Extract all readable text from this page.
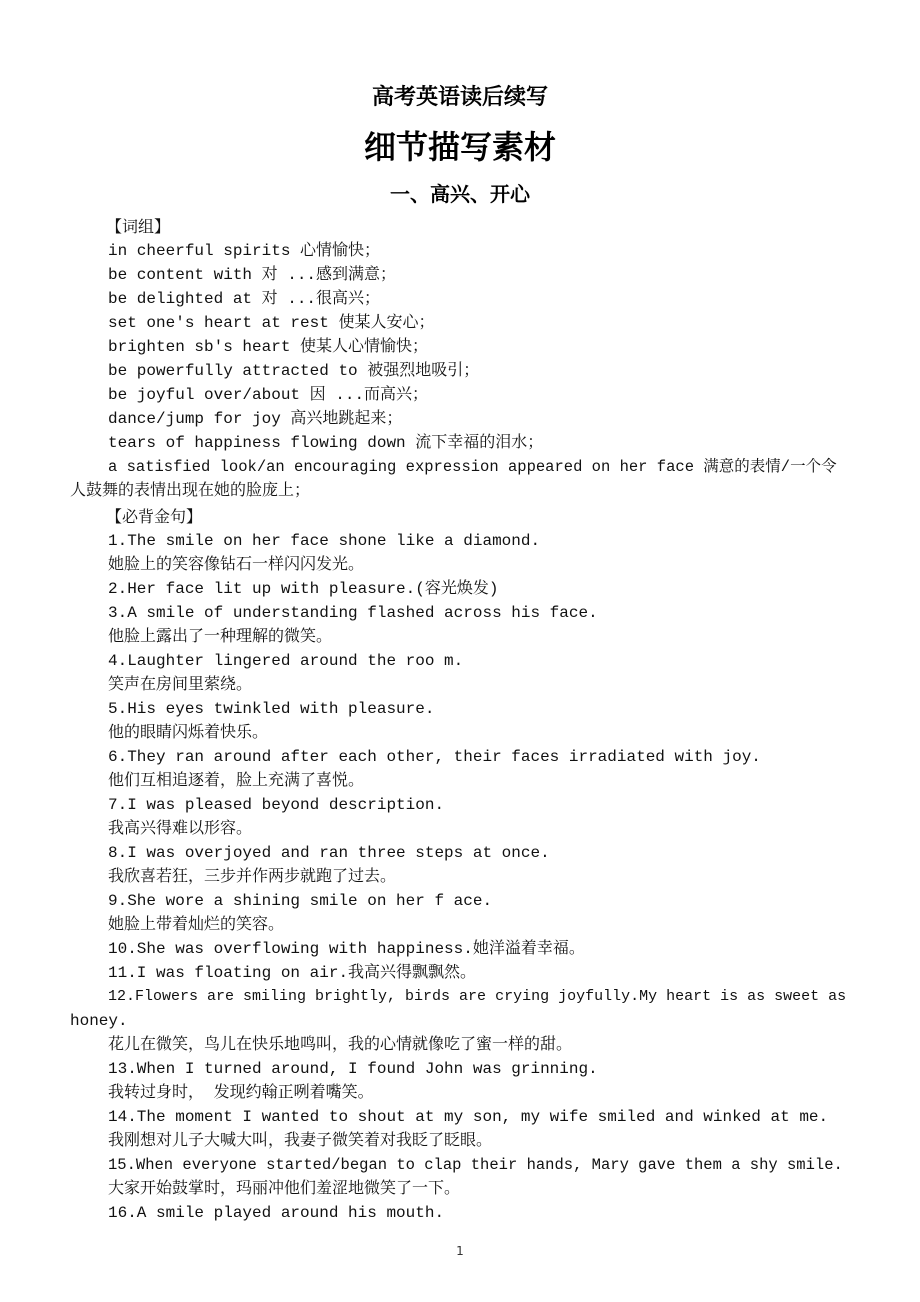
高考英语读后续写
细节描写素材
一、高兴、开心
【词组】
in cheerful spirits 心情愉快；
be content with 对 ...感到满意；
be delighted at 对 ...很高兴；
set one's heart at rest 使某人安心；
brighten sb's heart 使某人心情愉快；
be powerfully attracted to 被强烈地吸引；
be joyful over/about 因 ...而高兴；
dance/jump for joy 高兴地跳起来；
tears of happiness flowing down 流下幸福的泪水；
a satisfied look/an encouraging expression appeared on her face 满意的表情/一个令
人鼓舞的表情出现在她的脸庞上；
【必背金句】
1.The smile on her face shone like a diamond.
她脸上的笑容像钻石一样闪闪发光。
2.Her face lit up with pleasure.(容光焕发)
3.A smile of understanding flashed across his face.
他脸上露出了一种理解的微笑。
4.Laughter lingered around the roo m.
笑声在房间里萦绕。
5.His eyes twinkled with pleasure.
他的眼睛闪烁着快乐。
6.They ran around after each other, their faces irradiated with joy.
他们互相追逐着，脸上充满了喜悦。
7.I was pleased beyond description.
我高兴得难以形容。
8.I was overjoyed and ran three steps at once.
我欣喜若狂，三步并作两步就跑了过去。
9.She wore a shining smile on her f ace.
她脸上带着灿烂的笑容。
10.She was overflowing with happiness.她洋溢着幸福。
11.I was floating on air.我高兴得飘飘然。
12.Flowers are smiling brightly, birds are crying joyfully.My heart is as sweet as
honey.
花儿在微笑，鸟儿在快乐地鸣叫，我的心情就像吃了蜜一样的甜。
13.When I turned around, I found John was grinning.
我转过身时， 发现约翰正咧着嘴笑。
14.The moment I wanted to shout at my son, my wife smiled and winked at me.
我刚想对儿子大喊大叫，我妻子微笑着对我眨了眨眼。
15.When everyone started/began to clap their hands, Mary gave them a shy smile.
大家开始鼓掌时，玛丽冲他们羞涩地微笑了一下。
16.A smile played around his mouth.
1
